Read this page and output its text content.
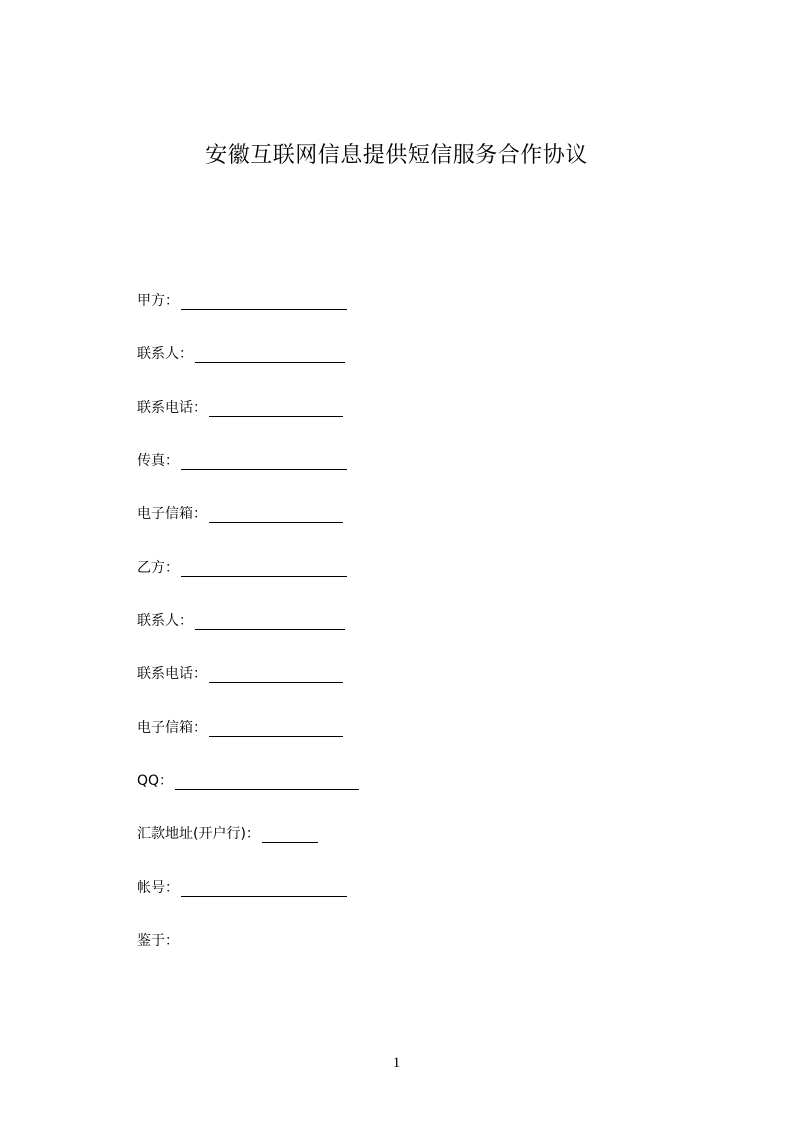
安徽互联网信息提供短信服务合作协议
甲方：
联系人：
联系电话：
传真：
电子信箱：
乙方：
联系人：
联系电话：
电子信箱：
QQ：
汇款地址(开户行)：
帐号：
鉴于：
1
